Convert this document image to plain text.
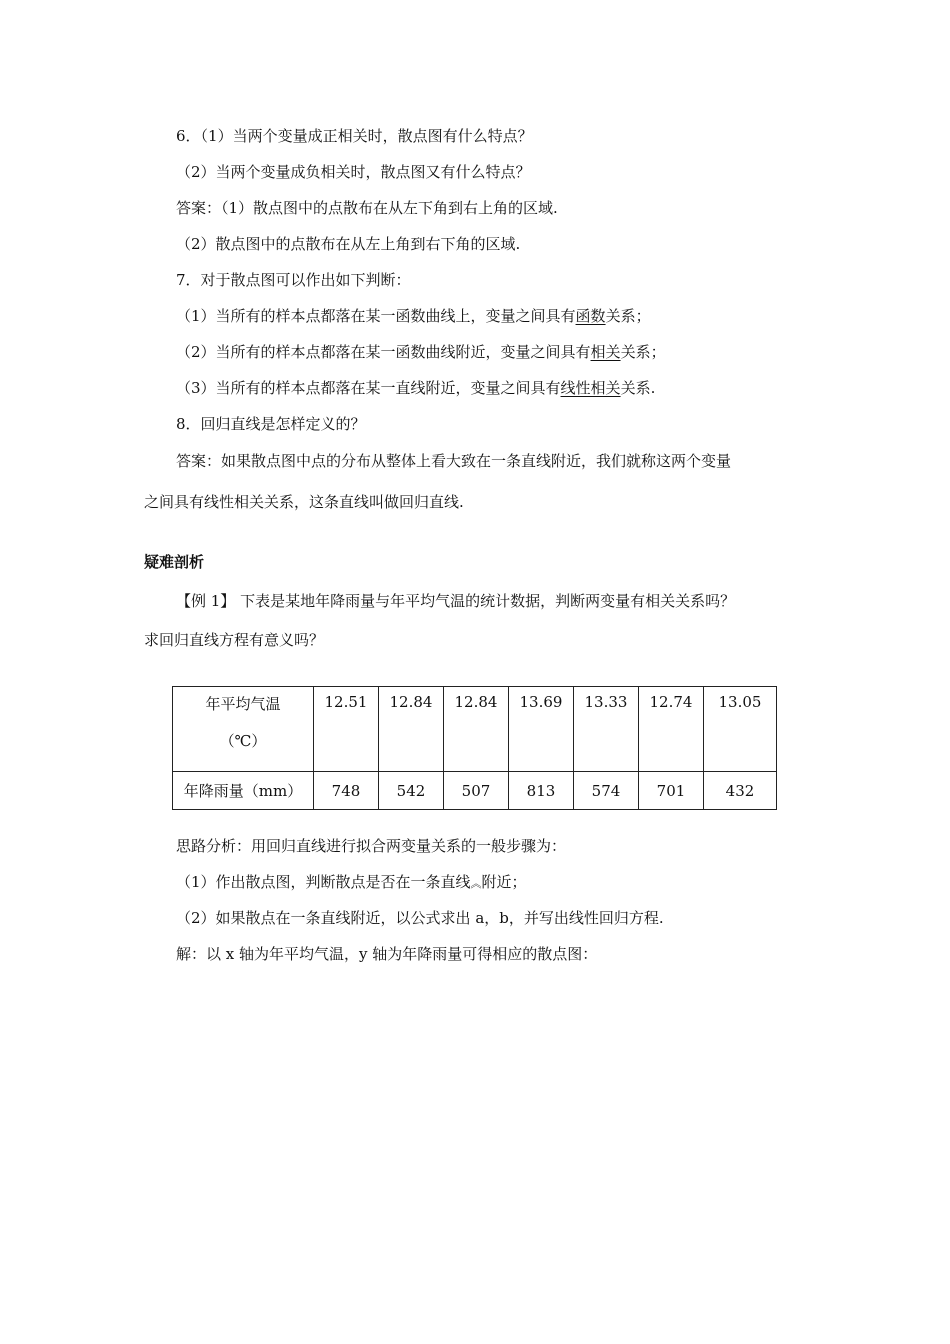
6．（1）当两个变量成正相关时，散点图有什么特点？
（2）当两个变量成负相关时，散点图又有什么特点？
答案：（1）散点图中的点散布在从左下角到右上角的区域.
（2）散点图中的点散布在从左上角到右下角的区域.
7．对于散点图可以作出如下判断：
（1）当所有的样本点都落在某一函数曲线上，变量之间具有函数关系；
（2）当所有的样本点都落在某一函数曲线附近，变量之间具有相关关系；
（3）当所有的样本点都落在某一直线附近，变量之间具有线性相关关系.
8．回归直线是怎样定义的？
答案：如果散点图中点的分布从整体上看大致在一条直线附近，我们就称这两个变量
之间具有线性相关关系，这条直线叫做回归直线.
疑难剖析
【例 1】 下表是某地年降雨量与年平均气温的统计数据，判断两变量有相关关系吗？
求回归直线方程有意义吗？
年平均气温
（℃）	12.51	12.84	12.84	13.69	13.33	12.74	13.05
年降雨量（mm）	748	542	507	813	574	701	432
思路分析：用回归直线进行拟合两变量关系的一般步骤为：
（1）作出散点图，判断散点是否在一条直线︽附近；
（2）如果散点在一条直线附近，以公式求出 a，b，并写出线性回归方程.
解：以 x 轴为年平均气温，y 轴为年降雨量可得相应的散点图：
